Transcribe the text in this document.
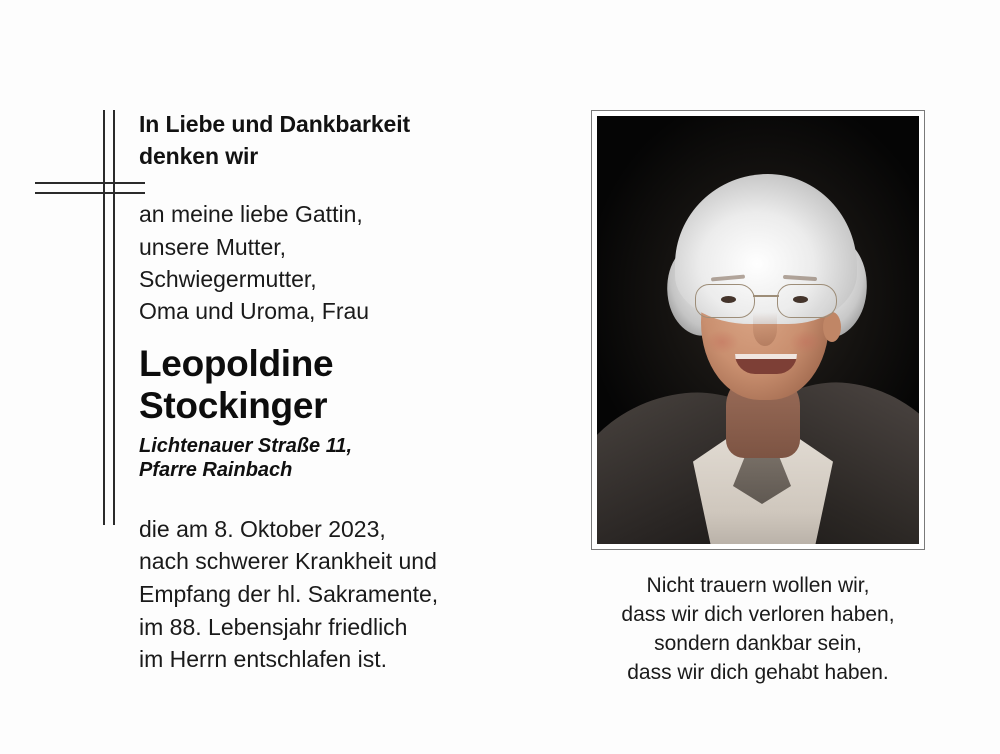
In Liebe und Dankbarkeit
denken wir
an meine liebe Gattin,
unsere Mutter,
Schwiegermutter,
Oma und Uroma, Frau
Leopoldine
Stockinger
Lichtenauer Straße 11,
Pfarre Rainbach
die am 8. Oktober 2023,
nach schwerer Krankheit und
Empfang der hl. Sakramente,
im 88. Lebensjahr friedlich
im Herrn entschlafen ist.
Nicht trauern wollen wir,
dass wir dich verloren haben,
sondern dankbar sein,
dass wir dich gehabt haben.
